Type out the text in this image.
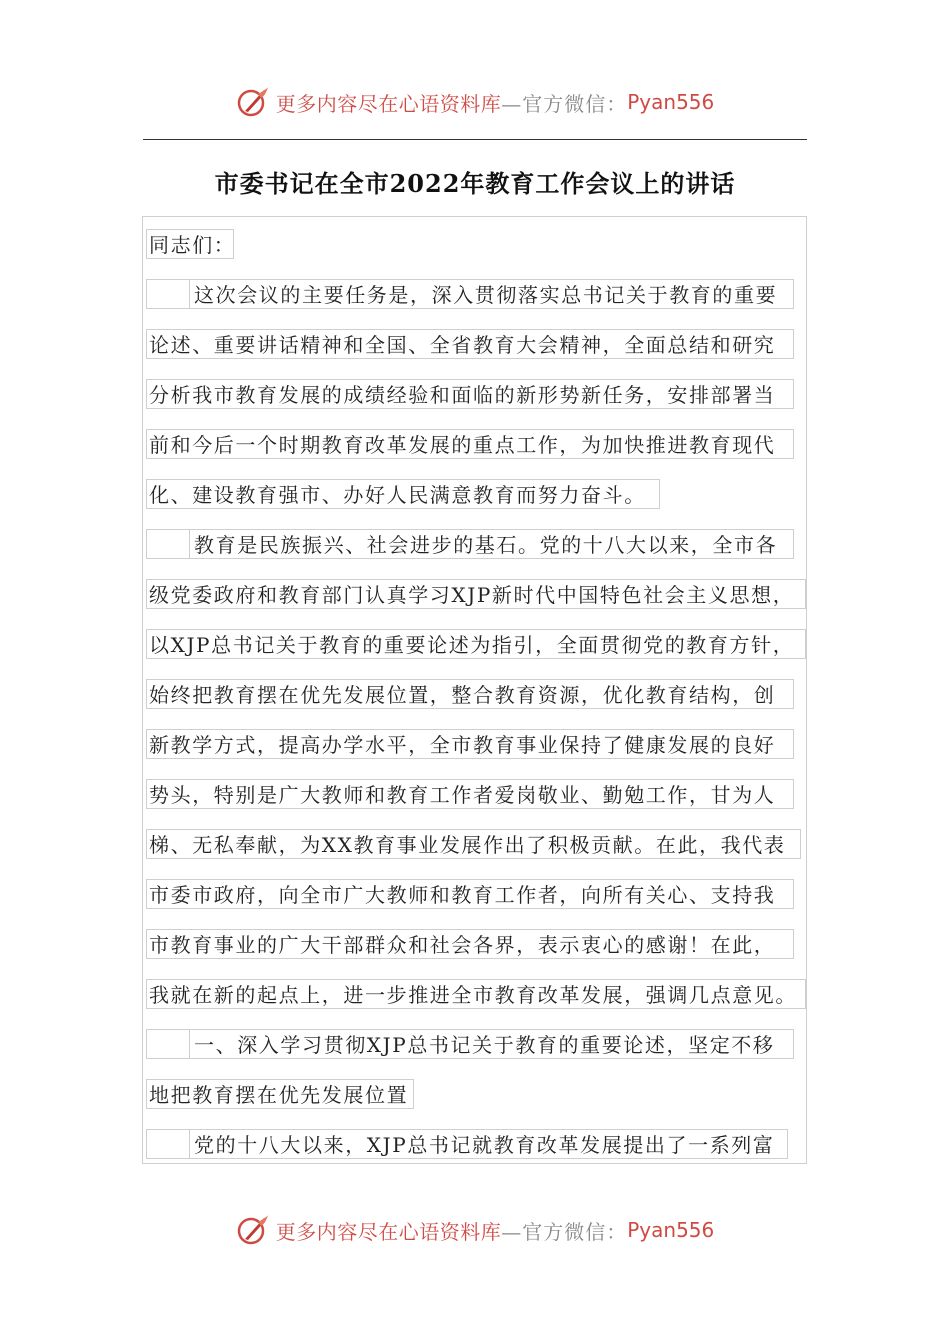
更多内容尽在心语资料库 —官方微信： Pyan556
市委书记在全市2022年教育工作会议上的讲话
同志们：
这次会议的主要任务是，深入贯彻落实总书记关于教育的重要
论述、重要讲话精神和全国、全省教育大会精神，全面总结和研究
分析我市教育发展的成绩经验和面临的新形势新任务，安排部署当
前和今后一个时期教育改革发展的重点工作，为加快推进教育现代
化、建设教育强市、办好人民满意教育而努力奋斗。
教育是民族振兴、社会进步的基石。党的十八大以来，全市各
级党委政府和教育部门认真学习XJP新时代中国特色社会主义思想，
以XJP总书记关于教育的重要论述为指引，全面贯彻党的教育方针，
始终把教育摆在优先发展位置，整合教育资源，优化教育结构，创
新教学方式，提高办学水平，全市教育事业保持了健康发展的良好
势头，特别是广大教师和教育工作者爱岗敬业、勤勉工作，甘为人
梯、无私奉献，为XX教育事业发展作出了积极贡献。在此，我代表
市委市政府，向全市广大教师和教育工作者，向所有关心、支持我
市教育事业的广大干部群众和社会各界，表示衷心的感谢！在此，
我就在新的起点上，进一步推进全市教育改革发展，强调几点意见。
一、深入学习贯彻XJP总书记关于教育的重要论述，坚定不移
地把教育摆在优先发展位置
党的十八大以来，XJP总书记就教育改革发展提出了一系列富
更多内容尽在心语资料库 —官方微信： Pyan556
